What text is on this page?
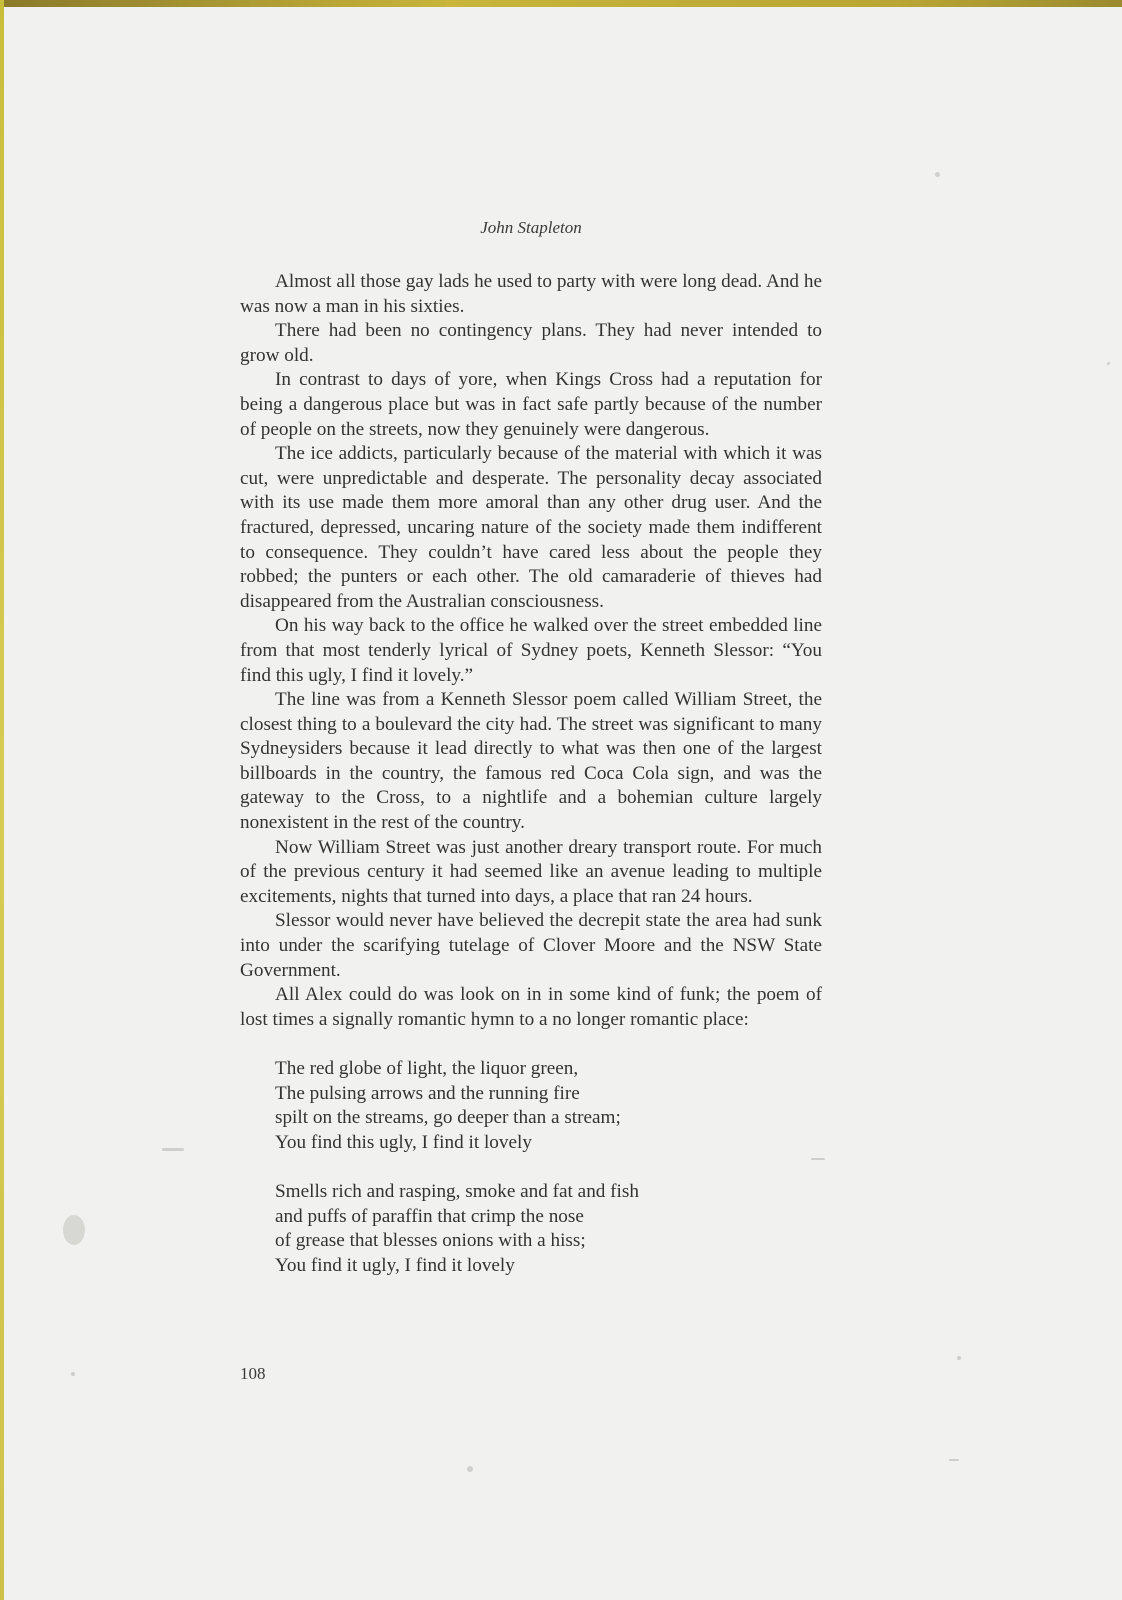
John Stapleton

Almost all those gay lads he used to party with were long dead. And he was now a man in his sixties.

There had been no contingency plans. They had never intended to grow old.

In contrast to days of yore, when Kings Cross had a reputation for being a dangerous place but was in fact safe partly because of the number of people on the streets, now they genuinely were dangerous.

The ice addicts, particularly because of the material with which it was cut, were unpredictable and desperate. The personality decay associated with its use made them more amoral than any other drug user. And the fractured, depressed, uncaring nature of the society made them indifferent to consequence. They couldn’t have cared less about the people they robbed; the punters or each other. The old camaraderie of thieves had disappeared from the Australian consciousness.

On his way back to the office he walked over the street embedded line from that most tenderly lyrical of Sydney poets, Kenneth Slessor: “You find this ugly, I find it lovely.”

The line was from a Kenneth Slessor poem called William Street, the closest thing to a boulevard the city had. The street was significant to many Sydneysiders because it lead directly to what was then one of the largest billboards in the country, the famous red Coca Cola sign, and was the gateway to the Cross, to a nightlife and a bohemian culture largely nonexistent in the rest of the country.

Now William Street was just another dreary transport route. For much of the previous century it had seemed like an avenue leading to multiple excitements, nights that turned into days, a place that ran 24 hours.

Slessor would never have believed the decrepit state the area had sunk into under the scarifying tutelage of Clover Moore and the NSW State Government.

All Alex could do was look on in in some kind of funk; the poem of lost times a signally romantic hymn to a no longer romantic place:

The red globe of light, the liquor green,
The pulsing arrows and the running fire
spilt on the streams, go deeper than a stream;
You find this ugly, I find it lovely
Smells rich and rasping, smoke and fat and fish
and puffs of paraffin that crimp the nose
of grease that blesses onions with a hiss;
You find it ugly, I find it lovely
108
